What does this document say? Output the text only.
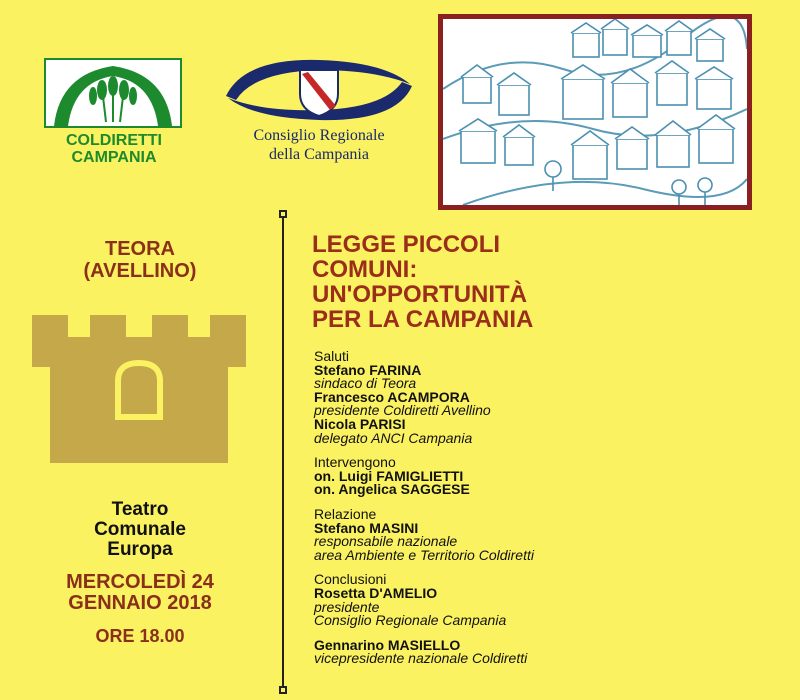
COLDIRETTI
CAMPANIA
Consiglio Regionale
della Campania
TEORA
(AVELLINO)
Teatro
Comunale
Europa
MERCOLEDÌ 24
GENNAIO 2018
ORE 18.00
LEGGE PICCOLI
COMUNI:
UN'OPPORTUNITÀ
PER LA CAMPANIA
Saluti
Stefano FARINA
sindaco di Teora
Francesco ACAMPORA
presidente Coldiretti Avellino
Nicola PARISI
delegato ANCI Campania
Intervengono
on. Luigi FAMIGLIETTI
on. Angelica SAGGESE
Relazione
Stefano MASINI
responsabile nazionale
area Ambiente e Territorio Coldiretti
Conclusioni
Rosetta D'AMELIO
presidente
Consiglio Regionale Campania
Gennarino MASIELLO
vicepresidente nazionale Coldiretti
